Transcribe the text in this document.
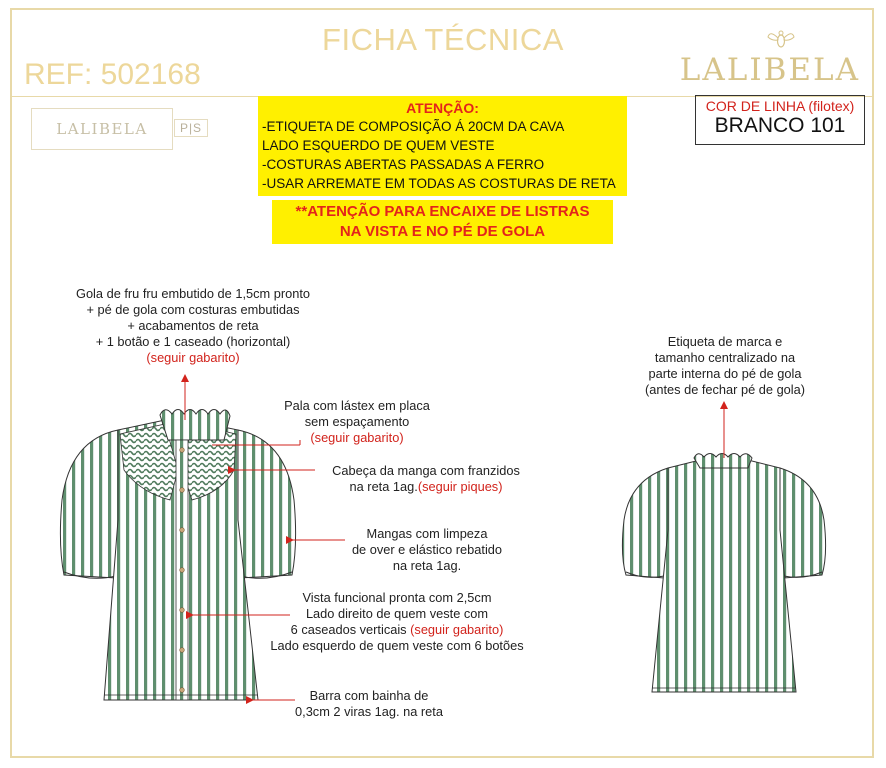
FICHA TÉCNICA
REF: 502168	LALIBELA
LALIBELA	P|S
ATENÇÃO:
-ETIQUETA DE COMPOSIÇÃO Á 20CM DA CAVA
LADO ESQUERDO DE QUEM VESTE
-COSTURAS ABERTAS PASSADAS A FERRO
-USAR ARREMATE EM TODAS AS COSTURAS DE RETA
**ATENÇÃO PARA ENCAIXE DE LISTRAS
NA VISTA E NO PÉ DE GOLA
COR DE LINHA (filotex)
BRANCO 101
Gola de fru fru embutido de 1,5cm pronto
+ pé de gola com costuras embutidas
+ acabamentos de reta
+ 1 botão e 1 caseado (horizontal)
(seguir gabarito)
Pala com lástex em placa
sem espaçamento
(seguir gabarito)
Cabeça da manga com franzidos
na reta 1ag.(seguir piques)
Mangas com limpeza
de over e elástico rebatido
na reta 1ag.
Vista funcional pronta com 2,5cm
Lado direito de quem veste com
6 caseados verticais (seguir gabarito)
Lado esquerdo de quem veste com 6 botões
Barra com bainha de
0,3cm 2 viras 1ag. na reta
Etiqueta de marca e
tamanho centralizado na
parte interna do pé de gola
(antes de fechar pé de gola)
